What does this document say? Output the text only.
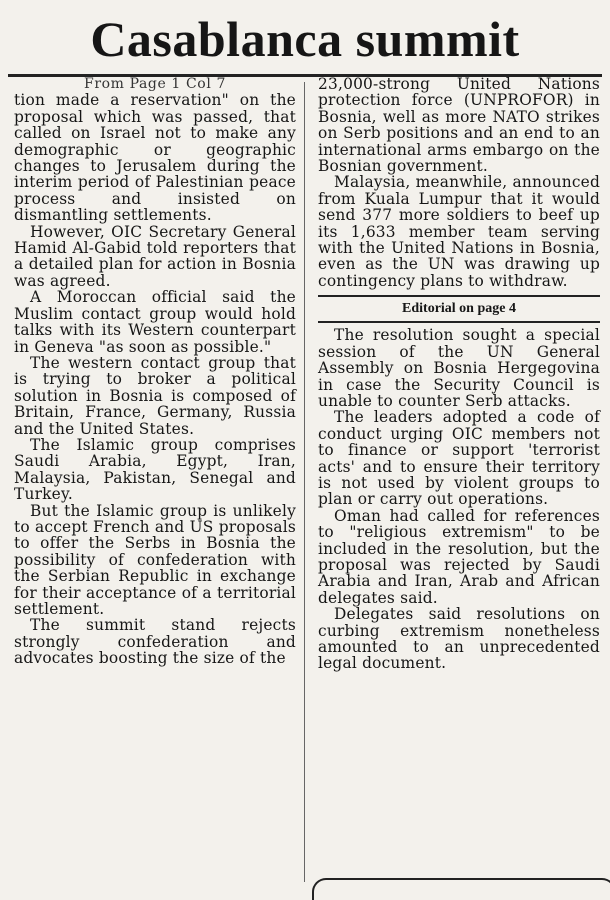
Casablanca summit

From Page 1 Col 7

tion made a reservation" on the proposal which was passed, that called on Israel not to make any demographic or geographic changes to Jerusalem during the interim period of Palestinian peace process and insisted on dismantling settlements.

However, OIC Secretary General Hamid Al-Gabid told reporters that a detailed plan for action in Bosnia was agreed.

A Moroccan official said the Muslim contact group would hold talks with its Western counterpart in Geneva "as soon as possible."

The western contact group that is trying to broker a political solution in Bosnia is composed of Britain, France, Germany, Russia and the United States.

The Islamic group comprises Saudi Arabia, Egypt, Iran, Malaysia, Pakistan, Senegal and Turkey.

But the Islamic group is unlikely to accept French and US proposals to offer the Serbs in Bosnia the possibility of confederation with the Serbian Republic in exchange for their acceptance of a territorial settlement.

The summit stand rejects strongly confederation and advocates boosting the size of the

23,000-strong United Nations protection force (UNPROFOR) in Bosnia, well as more NATO strikes on Serb positions and an end to an international arms embargo on the Bosnian government.

Malaysia, meanwhile, announced from Kuala Lumpur that it would send 377 more soldiers to beef up its 1,633 member team serving with the United Nations in Bosnia, even as the UN was drawing up contingency plans to withdraw.

Editorial on page 4

The resolution sought a special session of the UN General Assembly on Bosnia Hergegovina in case the Security Council is unable to counter Serb attacks.

The leaders adopted a code of conduct urging OIC members not to finance or support 'terrorist acts' and to ensure their territory is not used by violent groups to plan or carry out operations.

Oman had called for references to "religious extremism" to be included in the resolution, but the proposal was rejected by Saudi Arabia and Iran, Arab and African delegates said.

Delegates said resolutions on curbing extremism nonetheless amounted to an unprecedented legal document.
